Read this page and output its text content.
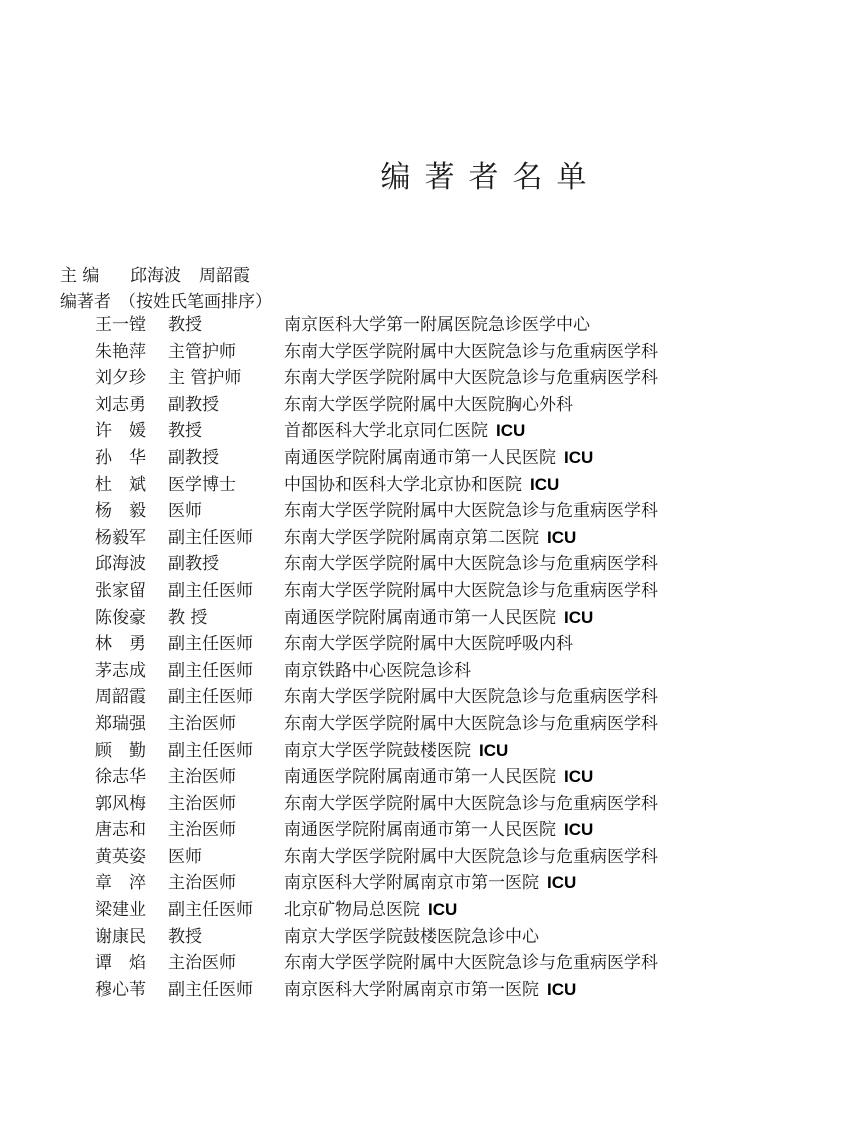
编著者名单
主 编 邱海波 周韶霞
编著者 （按姓氏笔画排序）
王一镗	教授	南京医科大学第一附属医院急诊医学中心
朱艳萍	主管护师	东南大学医学院附属中大医院急诊与危重病医学科
刘夕珍	主 管护师	东南大学医学院附属中大医院急诊与危重病医学科
刘志勇	副教授	东南大学医学院附属中大医院胸心外科
许　媛	教授	首都医科大学北京同仁医院 ICU
孙　华	副教授	南通医学院附属南通市第一人民医院 ICU
杜　斌	医学博士	中国协和医科大学北京协和医院 ICU
杨　毅	医师	东南大学医学院附属中大医院急诊与危重病医学科
杨毅军	副主任医师 东南大学医学院附属南京第二医院 ICU
邱海波	副教授	东南大学医学院附属中大医院急诊与危重病医学科
张家留	副主任医师 东南大学医学院附属中大医院急诊与危重病医学科
陈俊豪	教 授	南通医学院附属南通市第一人民医院 ICU
林　勇	副主任医师 东南大学医学院附属中大医院呼吸内科
茅志成	副主任医师 南京铁路中心医院急诊科
周韶霞	副主任医师 东南大学医学院附属中大医院急诊与危重病医学科
郑瑞强	主治医师	东南大学医学院附属中大医院急诊与危重病医学科
顾　勤	副主任医师 南京大学医学院鼓楼医院 ICU
徐志华	主治医师	南通医学院附属南通市第一人民医院 ICU
郭风梅	主治医师	东南大学医学院附属中大医院急诊与危重病医学科
唐志和	主治医师	南通医学院附属南通市第一人民医院 ICU
黄英姿	医师	东南大学医学院附属中大医院急诊与危重病医学科
章　淬	主治医师	南京医科大学附属南京市第一医院 ICU
梁建业	副主任医师 北京矿物局总医院 ICU
谢康民	教授	南京大学医学院鼓楼医院急诊中心
谭　焰	主治医师	东南大学医学院附属中大医院急诊与危重病医学科
穆心苇	副主任医师 南京医科大学附属南京市第一医院 ICU
